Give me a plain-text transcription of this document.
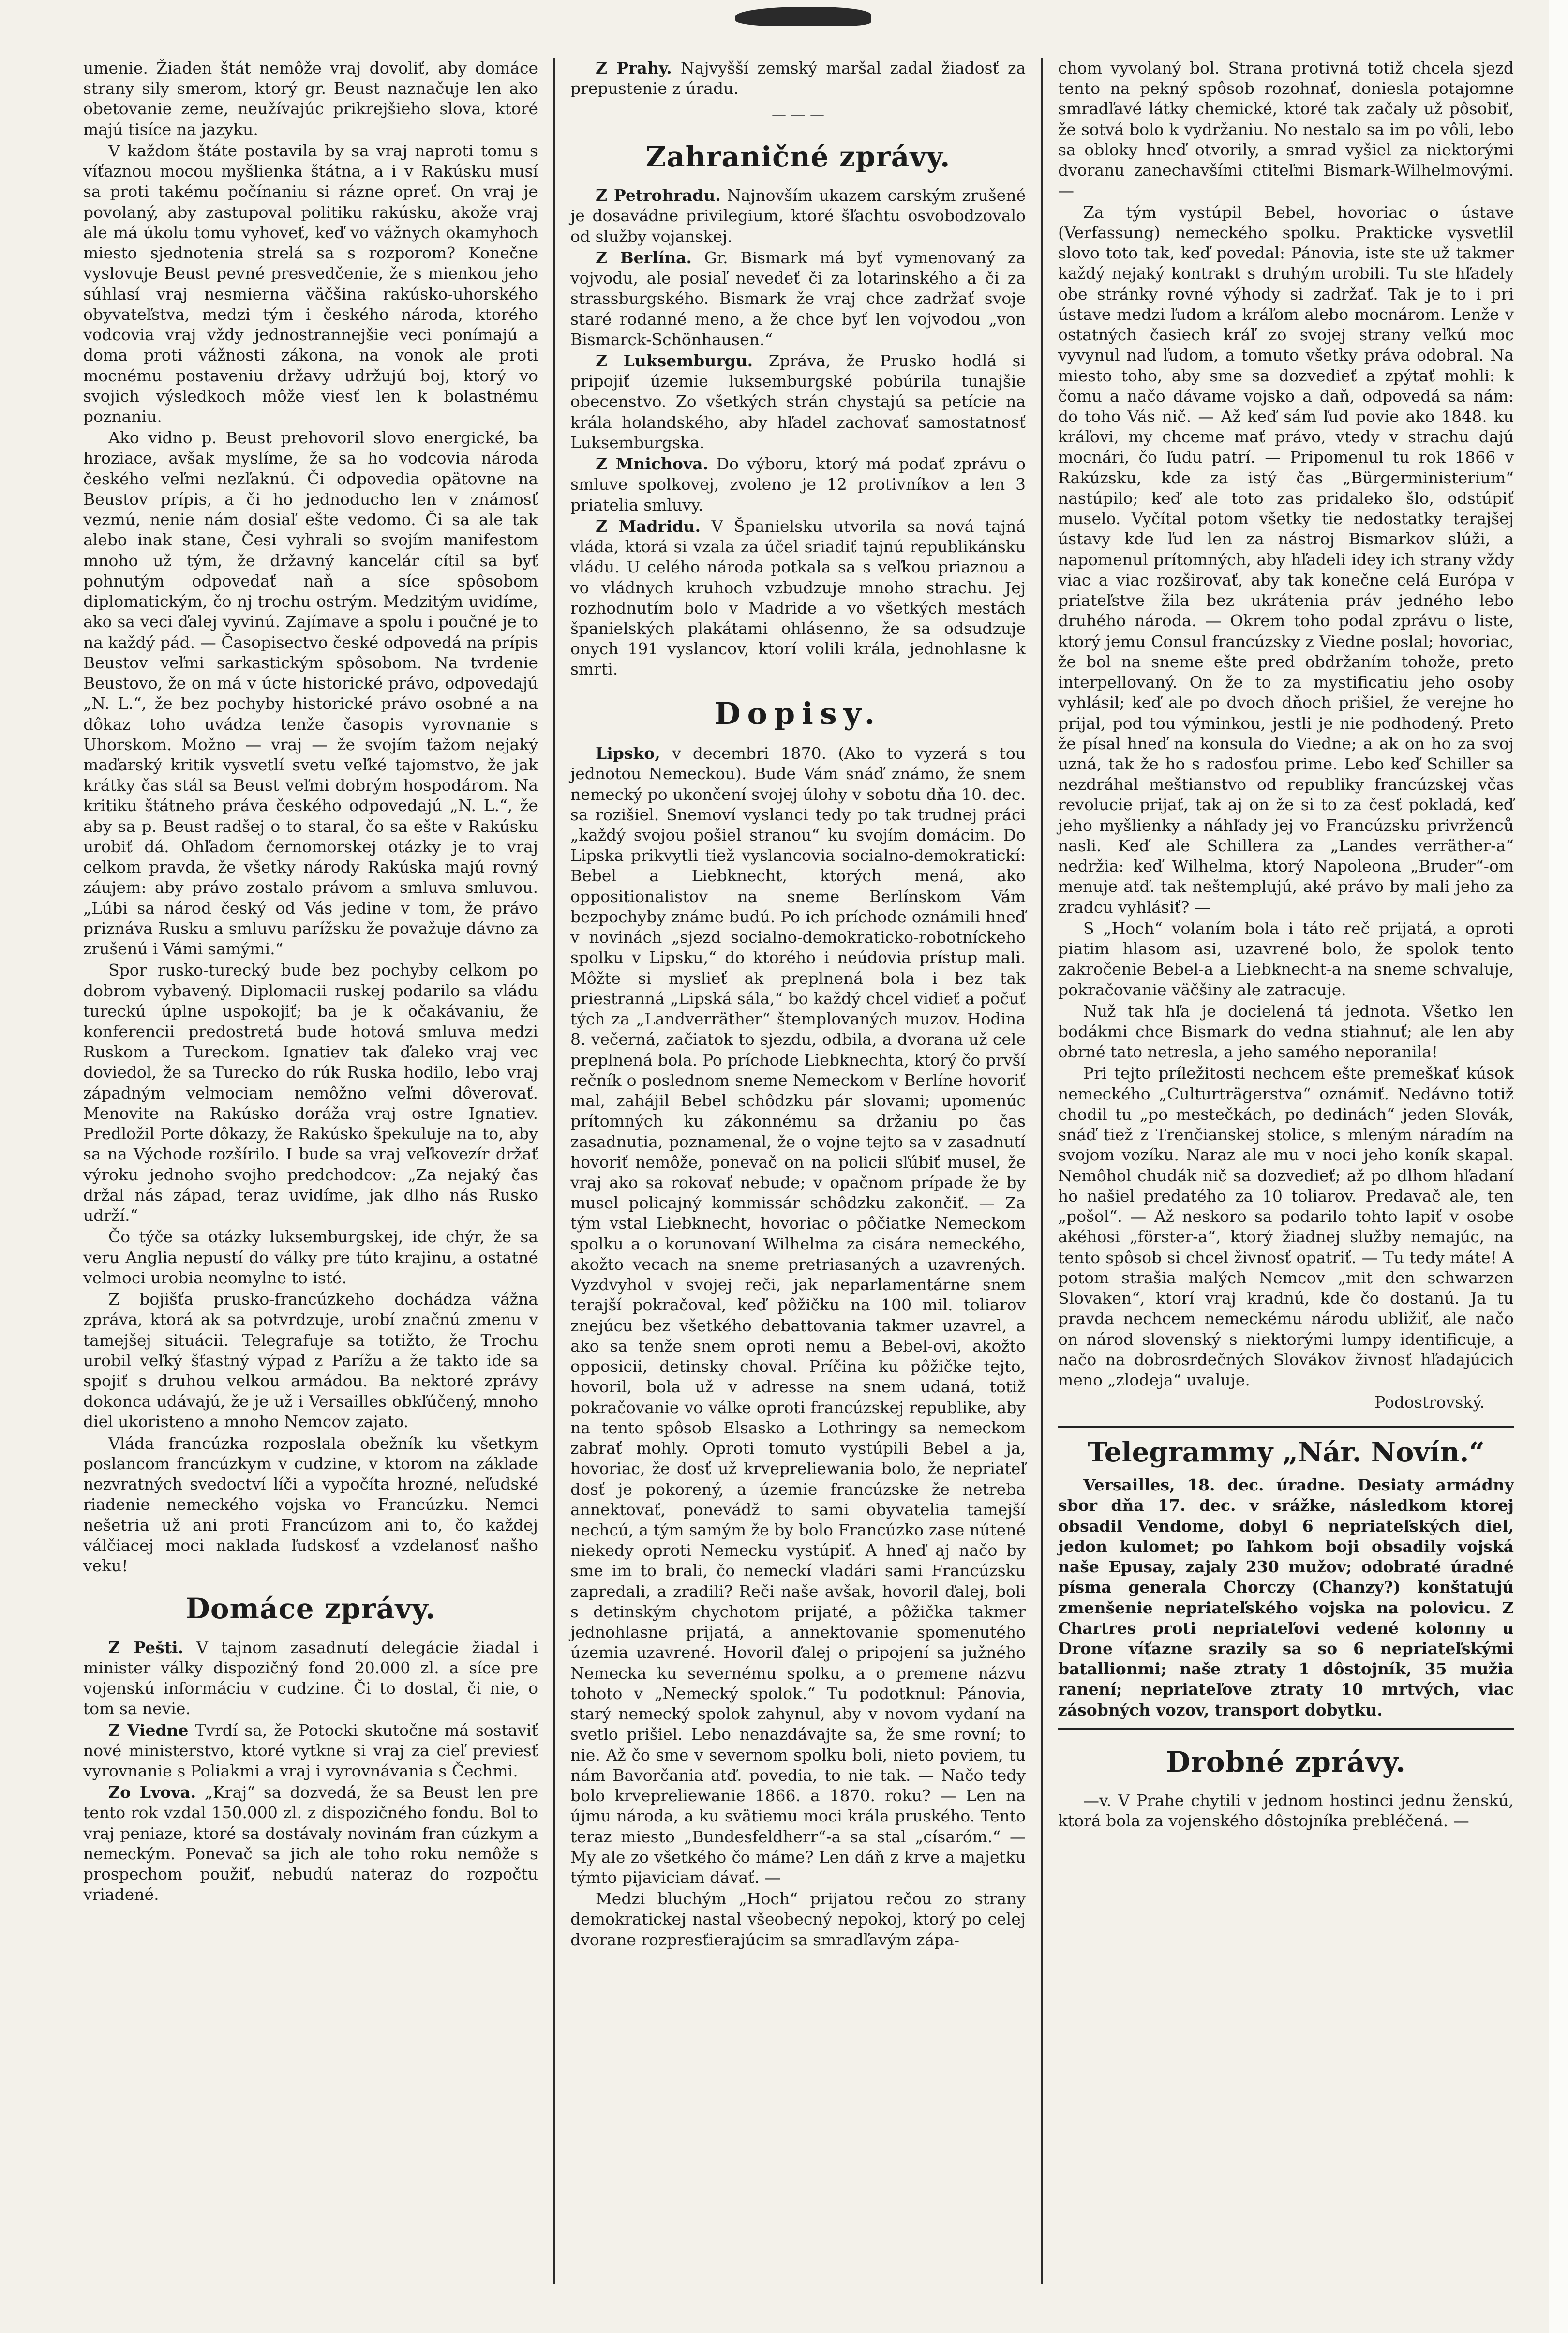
umenie. Žiaden štát nemôže vraj dovoliť, aby domáce strany sily smerom, ktorý gr. Beust naznačuje len ako obetovanie zeme, neužívajúc prikrejšieho slova, ktoré majú tisíce na jazyku.

V každom štáte postavila by sa vraj naproti tomu s víťaznou mocou myšlienka štátna, a i v Rakúsku musí sa proti takému počínaniu si rázne opreť. On vraj je povolaný, aby zastupoval politiku rakúsku, akože vraj ale má úkolu tomu vyhoveť, keď vo vážnych okamyhoch miesto sjednotenia strelá sa s rozporom? Konečne vyslovuje Beust pevné presvedčenie, že s mienkou jeho súhlasí vraj nesmierna väčšina rakúsko-uhorského obyvateľstva, medzi tým i českého národa, ktorého vodcovia vraj vždy jednostrannejšie veci ponímajú a doma proti vážnosti zákona, na vonok ale proti mocnému postaveniu državy udržujú boj, ktorý vo svojich výsledkoch môže viesť len k bolastnému poznaniu.

Ako vidno p. Beust prehovoril slovo energické, ba hroziace, avšak myslíme, že sa ho vodcovia národa českého veľmi nezľaknú. Či odpovedia opätovne na Beustov prípis, a či ho jednoducho len v známosť vezmú, nenie nám dosiaľ ešte vedomo. Či sa ale tak alebo inak stane, Česi vyhrali so svojím manifestom mnoho už tým, že državný kancelár cítil sa byť pohnutým odpovedať naň a síce spôsobom diplomatickým, čo nj trochu ostrým. Medzitým uvidíme, ako sa veci ďalej vyvinú. Zajímave a spolu i poučné je to na každý pád. — Časopisectvo české odpovedá na prípis Beustov veľmi sarkastickým spôsobom. Na tvrdenie Beustovo, že on má v úcte historické právo, odpovedajú „N. L.“, že bez pochyby historické právo osobné a na dôkaz toho uvádza tenže časopis vyrovnanie s Uhorskom. Možno — vraj — že svojím ťažom nejaký maďarský kritik vysvetlí svetu veľké tajomstvo, že jak krátky čas stál sa Beust veľmi dobrým hospodárom. Na kritiku štátneho práva českého odpovedajú „N. L.“, že aby sa p. Beust radšej o to staral, čo sa ešte v Rakúsku urobiť dá. Ohľadom černomorskej otázky je to vraj celkom pravda, že všetky národy Rakúska majú rovný záujem: aby právo zostalo právom a smluva smluvou. „Lúbi sa národ český od Vás jedine v tom, že právo priznáva Rusku a smluvu parížsku že považuje dávno za zrušenú i Vámi samými.“

Spor rusko-turecký bude bez pochyby celkom po dobrom vybavený. Diplomacii ruskej podarilo sa vládu tureckú úplne uspokojiť; ba je k očakávaniu, že konferencii predostretá bude hotová smluva medzi Ruskom a Tureckom. Ignatiev tak ďaleko vraj vec doviedol, že sa Turecko do rúk Ruska hodilo, lebo vraj západným velmociam nemôžno veľmi dôverovať. Menovite na Rakúsko doráža vraj ostre Ignatiev. Predložil Porte dôkazy, že Rakúsko špekuluje na to, aby sa na Východe rozšírilo. I bude sa vraj veľkovezír držať výroku jednoho svojho predchodcov: „Za nejaký čas držal nás západ, teraz uvidíme, jak dlho nás Rusko udrží.“

Čo týče sa otázky luksemburgskej, ide chýr, že sa veru Anglia nepustí do války pre túto krajinu, a ostatné velmoci urobia neomylne to isté.

Z bojišťa prusko-francúzkeho dochádza vážna zpráva, ktorá ak sa potvrdzuje, urobí značnú zmenu v tamejšej situácii. Telegrafuje sa totižto, že Trochu urobil veľký šťastný výpad z Parížu a že takto ide sa spojiť s druhou velkou armádou. Ba nektoré zprávy dokonca udávajú, že je už i Versailles obkľúčený, mnoho diel ukoristeno a mnoho Nemcov zajato.

Vláda francúzka rozposlala obežník ku všetkym poslancom francúzkym v cudzine, v ktorom na základe nezvratných svedoctví líči a vypočíta hrozné, neľudské riadenie nemeckého vojska vo Francúzku. Nemci nešetria už ani proti Francúzom ani to, čo každej válčiacej moci naklada ľudskosť a vzdelanosť našho veku!

Domáce zprávy.

Z Pešti. V tajnom zasadnutí delegácie žiadal i minister války dispozičný fond 20.000 zl. a síce pre vojenskú informáciu v cudzine. Či to dostal, či nie, o tom sa nevie.

Z Viedne Tvrdí sa, že Potocki skutočne má sostaviť nové ministerstvo, ktoré vytkne si vraj za cieľ previesť vyrovnanie s Poliakmi a vraj i vyrovnávania s Čechmi.

Zo Lvova. „Kraj“ sa dozvedá, že sa Beust len pre tento rok vzdal 150.000 zl. z dispozičného fondu. Bol to vraj peniaze, ktoré sa dostávaly novinám fran cúzkym a nemeckým. Ponevač sa jich ale toho roku nemôže s prospechom použiť, nebudú nateraz do rozpočtu vriadené.

Z Prahy. Najvyšší zemský maršal zadal žiadosť za prepustenie z úradu.

— — —
Zahraničné zprávy.

Z Petrohradu. Najnovším ukazem carským zrušené je dosavádne privilegium, ktoré šľachtu osvobodzovalo od služby vojanskej.

Z Berlína. Gr. Bismark má byť vymenovaný za vojvodu, ale posiaľ nevedeť či za lotarinského a či za strassburgského. Bismark že vraj chce zadržať svoje staré rodanné meno, a že chce byť len vojvodou „von Bismarck-Schönhausen.“

Z Luksemburgu. Zpráva, že Prusko hodlá si pripojiť územie luksemburgské pobúrila tunajšie obecenstvo. Zo všetkých strán chystajú sa petície na krála holandského, aby hľadel zachovať samostatnosť Luksemburgska.

Z Mnichova. Do výboru, ktorý má podať zprávu o smluve spolkovej, zvoleno je 12 protivníkov a len 3 priatelia smluvy.

Z Madridu. V Španielsku utvorila sa nová tajná vláda, ktorá si vzala za účel sriadiť tajnú republikánsku vládu. U celého národa potkala sa s veľkou priaznou a vo vládnych kruhoch vzbudzuje mnoho strachu. Jej rozhodnutím bolo v Madride a vo všetkých mestách španielských plakátami ohlásenno, že sa odsudzuje onych 191 vyslancov, ktorí volili krála, jednohlasne k smrti.

Dopisy.

Lipsko, v decembri 1870. (Ako to vyzerá s tou jednotou Nemeckou). Bude Vám snáď známo, že snem nemecký po ukončení svojej úlohy v sobotu dňa 10. dec. sa rozišiel. Snemoví vyslanci tedy po tak trudnej práci „každý svojou pošiel stranou“ ku svojím domácim. Do Lipska prikvytli tiež vyslancovia socialno-demokratickí: Bebel a Liebknecht, ktorých mená, ako oppositionalistov na sneme Berlínskom Vám bezpochyby známe budú. Po ich príchode oznámili hneď v novinách „sjezd socialno-demokraticko-robotníckeho spolku v Lipsku,“ do ktorého i neúdovia prístup mali. Môžte si myslieť ak preplnená bola i bez tak priestranná „Lipská sála,“ bo každý chcel vidieť a počuť tých za „Landverräther“ štemplovaných muzov. Hodina 8. večerná, začiatok to sjezdu, odbila, a dvorana už cele preplnená bola. Po príchode Liebknechta, ktorý čo prvší rečník o poslednom sneme Nemeckom v Berlíne hovoriť mal, zahájil Bebel schôdzku pár slovami; upomenúc prítomných ku zákonnému sa držaniu po čas zasadnutia, poznamenal, že o vojne tejto sa v zasadnutí hovoriť nemôže, ponevač on na policii sľúbiť musel, že vraj ako sa rokovať nebude; v opačnom prípade že by musel policajný kommissár schôdzku zakončiť. — Za tým vstal Liebknecht, hovoriac o pôčiatke Nemeckom spolku a o korunovaní Wilhelma za cisára nemeckého, akožto vecach na sneme pretriasaných a uzavrených. Vyzdvyhol v svojej reči, jak neparlamentárne snem terajší pokračoval, keď pôžičku na 100 mil. toliarov znejúcu bez všetkého debattovania takmer uzavrel, a ako sa tenže snem oproti nemu a Bebel-ovi, akožto opposicii, detinsky choval. Príčina ku pôžičke tejto, hovoril, bola už v adresse na snem udaná, totiž pokračovanie vo válke oproti francúzskej republike, aby na tento spôsob Elsasko a Lothringy sa nemeckom zabrať mohly. Oproti tomuto vystúpili Bebel a ja, hovoriac, že dosť už krvepreliewania bolo, že nepriateľ dosť je pokorený, a územie francúzske že netreba annektovať, ponevádž to sami obyvatelia tamejší nechcú, a tým samým že by bolo Francúzko zase nútené niekedy oproti Nemecku vystúpiť. A hneď aj načo by sme im to brali, čo nemeckí vladári sami Francúzsku zapredali, a zradili? Reči naše avšak, hovoril ďalej, boli s detinským chychotom prijaté, a pôžička takmer jednohlasne prijatá, a annektovanie spomenutého územia uzavrené. Hovoril ďalej o pripojení sa južného Nemecka ku severnému spolku, a o premene názvu tohoto v „Nemecký spolok.“ Tu podotknul: Pánovia, starý nemecký spolok zahynul, aby v novom vydaní na svetlo prišiel. Lebo nenazdávajte sa, že sme rovní; to nie. Až čo sme v severnom spolku boli, nieto poviem, tu nám Bavorčania atď. povedia, to nie tak. — Načo tedy bolo krvepreliewanie 1866. a 1870. roku? — Len na újmu národa, a ku svätiemu moci krála pruského. Tento teraz miesto „Bundesfeldherr“-a sa stal „císaróm.“ — My ale zo všetkého čo máme? Len dáň z krve a majetku týmto pijaviciam dávať. —

Medzi bluchým „Hoch“ prijatou rečou zo strany demokratickej nastal všeobecný nepokoj, ktorý po celej dvorane rozpresťierajúcim sa smradľavým zápa-

chom vyvolaný bol. Strana protivná totiž chcela sjezd tento na pekný spôsob rozohnať, doniesla potajomne smradľavé látky chemické, ktoré tak začaly už pôsobiť, že sotvá bolo k vydržaniu. No nestalo sa im po vôli, lebo sa obloky hneď otvorily, a smrad vyšiel za niektorými dvoranu zanechavšími ctiteľmi Bismark-Wilhelmovými. —

Za tým vystúpil Bebel, hovoriac o ústave (Verfassung) nemeckého spolku. Prakticke vysvetlil slovo toto tak, keď povedal: Pánovia, iste ste už takmer každý nejaký kontrakt s druhým urobili. Tu ste hľadely obe stránky rovné výhody si zadržať. Tak je to i pri ústave medzi ľudom a kráľom alebo mocnárom. Lenže v ostatných časiech kráľ zo svojej strany veľkú moc vyvynul nad ľudom, a tomuto všetky práva odobral. Na miesto toho, aby sme sa dozvedieť a zpýtať mohli: k čomu a načo dávame vojsko a daň, odpovedá sa nám: do toho Vás nič. — Až keď sám ľud povie ako 1848. ku kráľovi, my chceme mať právo, vtedy v strachu dajú mocnári, čo ľudu patrí. — Pripomenul tu rok 1866 v Rakúzsku, kde za istý čas „Bürgerministerium“ nastúpilo; keď ale toto zas pridaleko šlo, odstúpiť muselo. Vyčítal potom všetky tie nedostatky terajšej ústavy kde ľud len za nástroj Bismarkov slúži, a napomenul prítomných, aby hľadeli idey ich strany vždy viac a viac rozširovať, aby tak konečne celá Európa v priateľstve žila bez ukrátenia práv jedného lebo druhého národa. — Okrem toho podal zprávu o liste, ktorý jemu Consul francúzsky z Viedne poslal; hovoriac, že bol na sneme ešte pred obdržaním tohože, preto interpellovaný. On že to za mystificatiu jeho osoby vyhlásil; keď ale po dvoch dňoch prišiel, že verejne ho prijal, pod tou výminkou, jestli je nie podhodený. Preto že písal hneď na konsula do Viedne; a ak on ho za svoj uzná, tak že ho s radosťou prime. Lebo keď Schiller sa nezdráhal meštianstvo od republiky francúzskej včas revolucie prijať, tak aj on že si to za česť pokladá, keď jeho myšlienky a náhľady jej vo Francúzsku privrženců nasli. Keď ale Schillera za „Landes verräther-a“ nedržia: keď Wilhelma, ktorý Napoleona „Bruder“-om menuje atď. tak neštemplujú, aké právo by mali jeho za zradcu vyhlásiť? —

S „Hoch“ volaním bola i táto reč prijatá, a oproti piatim hlasom asi, uzavrené bolo, že spolok tento zakročenie Bebel-a a Liebknecht-a na sneme schvaluje, pokračovanie väčšiny ale zatracuje.

Nuž tak hľa je docielená tá jednota. Všetko len bodákmi chce Bismark do vedna stiahnuť; ale len aby obrné tato netresla, a jeho samého neporanila!

Pri tejto príležitosti nechcem ešte premeškať kúsok nemeckého „Culturträgerstva“ oznámiť. Nedávno totiž chodil tu „po mestečkách, po dedinách“ jeden Slovák, snáď tiež z Trenčianskej stolice, s mleným náradím na svojom vozíku. Naraz ale mu v noci jeho koník skapal. Nemôhol chudák nič sa dozvedieť; až po dlhom hľadaní ho našiel predatého za 10 toliarov. Predavač ale, ten „pošol“. — Až neskoro sa podarilo tohto lapiť v osobe akéhosi „förster-a“, ktorý žiadnej služby nemajúc, na tento spôsob si chcel živnosť opatriť. — Tu tedy máte! A potom strašia malých Nemcov „mit den schwarzen Slovaken“, ktorí vraj kradnú, kde čo dostanú. Ja tu pravda nechcem nemeckému národu ubližiť, ale načo on národ slovenský s niektorými lumpy identificuje, a načo na dobrosrdečných Slovákov živnosť hľadajúcich meno „zlodeja“ uvaluje.

Podostrovský.
Telegrammy „Nár. Novín.“

Versailles, 18. dec. úradne. Desiaty armádny sbor dňa 17. dec. v srážke, následkom ktorej obsadil Vendome, dobyl 6 nepriateľských diel, jedon kulomet; po ľahkom boji obsadily vojská naše Epusay, zajaly 230 mužov; odobraté úradné písma generala Chorczy (Chanzy?) konštatujú zmenšenie nepriateľského vojska na polovicu. Z Chartres proti nepriateľovi vedené kolonny u Drone víťazne srazily sa so 6 nepriateľskými batallionmi; naše ztraty 1 dôstojník, 35 mužia ranení; nepriateľove ztraty 10 mrtvých, viac zásobných vozov, transport dobytku.

Drobné zprávy.

—v. V Prahe chytili v jednom hostinci jednu ženskú, ktorá bola za vojenského dôstojníka prebléčená. —
